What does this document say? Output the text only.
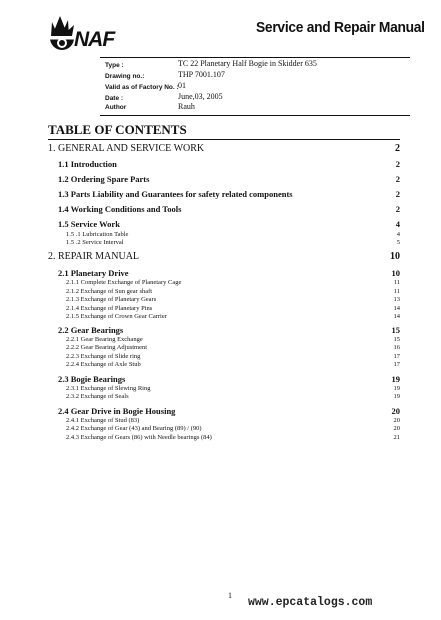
NAF
Service and Repair Manual
Type :	TC 22 Planetary Half Bogie in Skidder 635
Drawing no.:	THP 7001.107
Valid as of Factory No. : 01
Date :	June,03, 2005
Author	Rauh
TABLE OF CONTENTS
1. GENERAL AND SERVICE WORK	2
1.1 Introduction	2
1.2 Ordering Spare Parts	2
1.3 Parts Liability and Guarantees for safety related components	2
1.4 Working Conditions and Tools	2
1.5 Service Work	4
1.5 .1 Lubrication Table	4
1.5 .2 Service Interval	5
2. REPAIR MANUAL	10
2.1 Planetary Drive	10
2.1.1 Complete Exchange of Planetary Cage	11
2.1.2 Exchange of Sun gear shaft	11
2.1.3 Exchange of Planetary Gears	13
2.1.4 Exchange of Planetary Pins	14
2.1.5 Exchange of Crown Gear Carrier	14
2.2 Gear Bearings	15
2.2.1 Gear Bearing Exchange	15
2.2.2 Gear Bearing Adjustment	16
2.2.3 Exchange of Slide ring	17
2.2.4 Exchange of Axle Stub	17
2.3 Bogie Bearings	19
2.3.1 Exchange of Slewing Ring	19
2.3.2 Exchange of Seals	19
2.4 Gear Drive in Bogie Housing	20
2.4.1 Exchange of Stud (83)	20
2.4.2 Exchange of Gear (43) and Bearing (89) / (90)	20
2.4.3 Exchange of Gears (86) with Needle bearings (84)	21
1
www.epcatalogs.com
